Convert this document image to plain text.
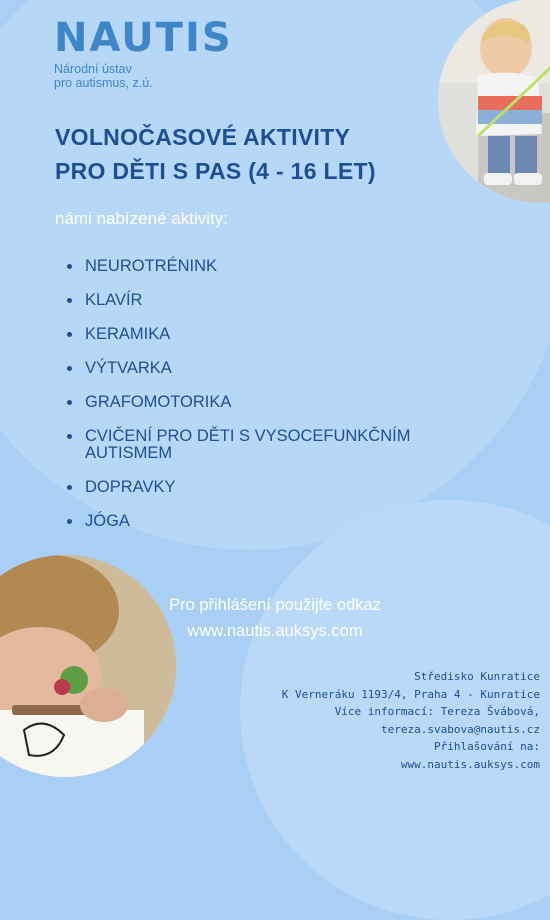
NAUTIS
Národní ústav
pro autismus, z.ú.
VOLNOČASOVÉ AKTIVITY
PRO DĚTI S PAS (4 - 16 LET)
námi nabízené aktivity:
NEUROTRÉNINK
KLAVÍR
KERAMIKA
VÝTVARKA
GRAFOMOTORIKA
CVIČENÍ PRO DĚTI S VYSOCEFUNKČNÍM AUTISMEM
DOPRAVKY
JÓGA
Pro přihlášení použijte odkaz
www.nautis.auksys.com
Středisko Kunratice
K Verneráku 1193/4, Praha 4 - Kunratice
Více informací: Tereza Švábová,
tereza.svabova@nautis.cz
Přihlašování na:
www.nautis.auksys.com
